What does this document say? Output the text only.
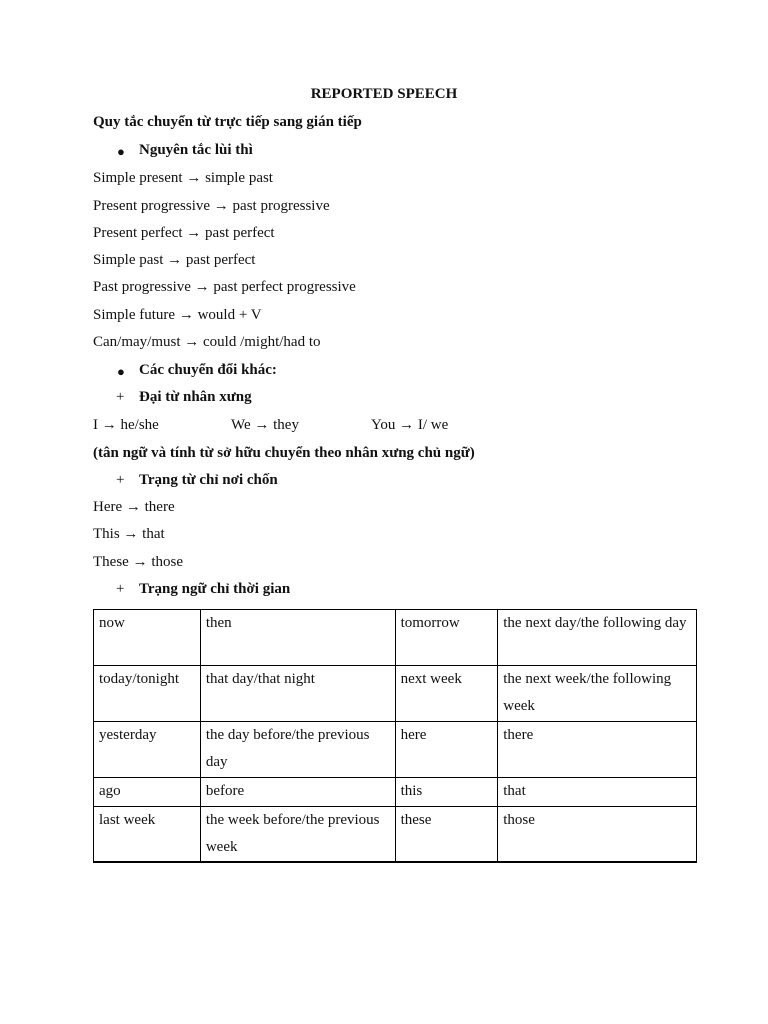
REPORTED SPEECH
Quy tắc chuyển từ trực tiếp sang gián tiếp
● Nguyên tắc lùi thì
Simple present → simple past
Present progressive → past progressive
Present perfect → past perfect
Simple past → past perfect
Past progressive → past perfect progressive
Simple future → would + V
Can/may/must → could /might/had to
● Các chuyển đổi khác:
+ Đại từ nhân xưng
I → he/she	We → they	You → I/ we
(tân ngữ và tính từ sở hữu chuyển theo nhân xưng chủ ngữ)
+ Trạng từ chỉ nơi chốn
Here → there
This → that
These → those
+ Trạng ngữ chỉ thời gian
now	then	tomorrow	the next day/the following day
today/tonight	that day/that night	next week	the next week/the following week
yesterday	the day before/the previous day	here	there
ago	before	this	that
last week	the week before/the previous week	these	those
